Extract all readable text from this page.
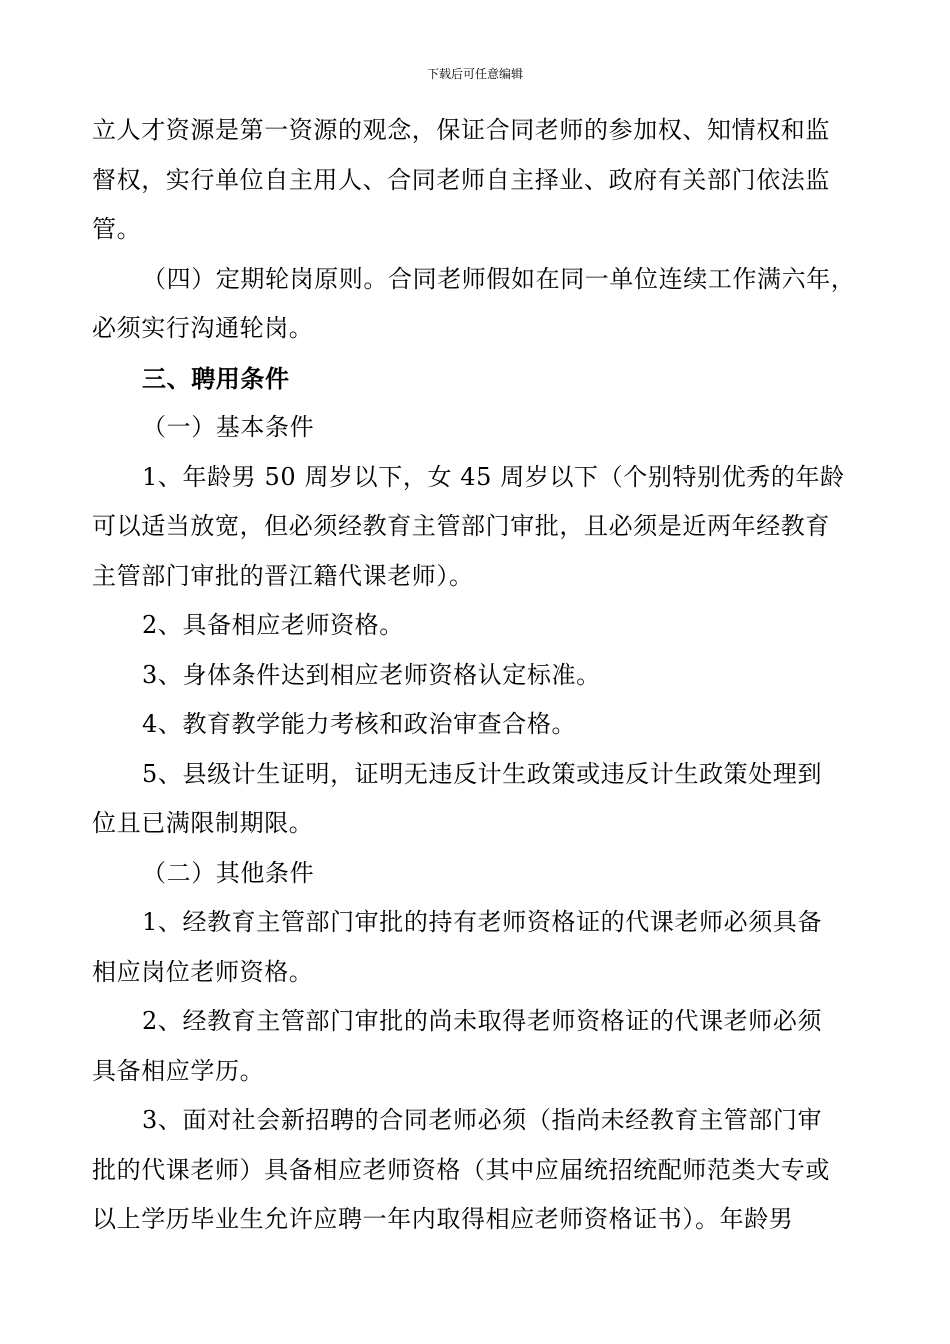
下载后可任意编辑

立人才资源是第一资源的观念，保证合同老师的参加权、知情权和监

督权，实行单位自主用人、合同老师自主择业、政府有关部门依法监

管。

（四）定期轮岗原则。合同老师假如在同一单位连续工作满六年，

必须实行沟通轮岗。

三、聘用条件

（一）基本条件

1、年龄男 50 周岁以下，女 45 周岁以下（个别特别优秀的年龄

可以适当放宽，但必须经教育主管部门审批，且必须是近两年经教育

主管部门审批的晋江籍代课老师）。

2、具备相应老师资格。

3、身体条件达到相应老师资格认定标准。

4、教育教学能力考核和政治审查合格。

5、县级计生证明，证明无违反计生政策或违反计生政策处理到

位且已满限制期限。

（二）其他条件

1、经教育主管部门审批的持有老师资格证的代课老师必须具备

相应岗位老师资格。

2、经教育主管部门审批的尚未取得老师资格证的代课老师必须

具备相应学历。

3、面对社会新招聘的合同老师必须（指尚未经教育主管部门审

批的代课老师）具备相应老师资格（其中应届统招统配师范类大专或

以上学历毕业生允许应聘一年内取得相应老师资格证书）。年龄男
